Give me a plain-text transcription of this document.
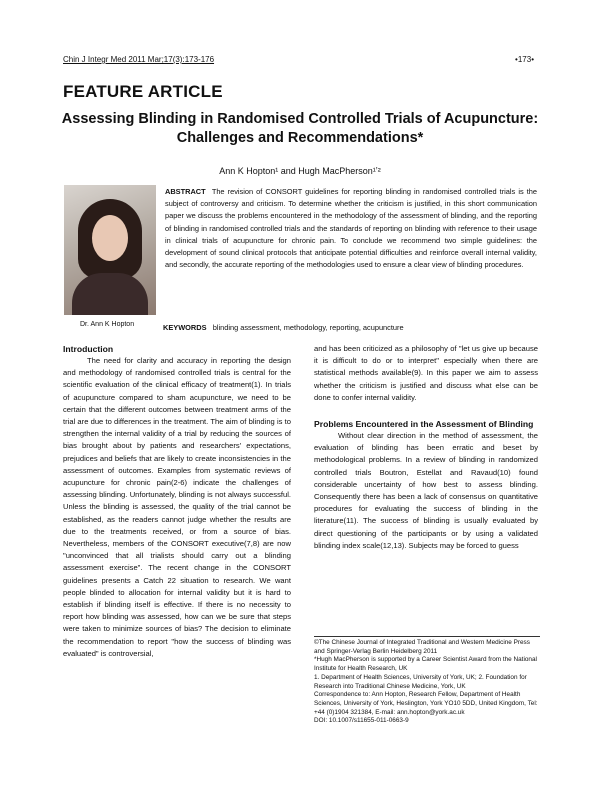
Chin J Integr Med 2011 Mar;17(3):173-176	•173•
FEATURE ARTICLE
Assessing Blinding in Randomised Controlled Trials of Acupuncture: Challenges and Recommendations*
Ann K Hopton¹ and Hugh MacPherson¹ʼ²
Dr. Ann K Hopton
ABSTRACT The revision of CONSORT guidelines for reporting blinding in randomised controlled trials is the subject of controversy and criticism. To determine whether the criticism is justified, in this short communication paper we discuss the problems encountered in the methodology of the assessment of blinding, and the reporting of blinding in randomised controlled trials and the standards of reporting on blinding with reference to their usage in clinical trials of acupuncture for chronic pain. To conclude we recommend two simple guidelines: the development of sound clinical protocols that anticipate potential difficulties and reinforce overall internal validity, and secondly, the accurate reporting of the methodologies used to ensure a clear view of blinding procedures.
KEYWORDS blinding assessment, methodology, reporting, acupuncture
Introduction

The need for clarity and accuracy in reporting the design and methodology of randomised controlled trials is central for the scientific evaluation of the clinical efficacy of treatment(1). In trials of acupuncture compared to sham acupuncture, we need to be certain that the different outcomes between treatment arms of the trial are due to differences in the treatment. The aim of blinding is to strengthen the internal validity of a trial by reducing the sources of bias brought about by patients and researchers' expectations, prejudices and beliefs that are likely to create inconsistencies in the assessment of outcomes. Examples from systematic reviews of acupuncture for chronic pain(2-6) indicate the challenges of assessing blinding. Unfortunately, blinding is not always successful. Unless the blinding is assessed, the quality of the trial cannot be established, as the readers cannot judge whether the results are due to the treatments received, or from a source of bias. Nevertheless, members of the CONSORT executive(7,8) are now "unconvinced that all trialists should carry out a blinding assessment exercise". The recent change in the CONSORT guidelines presents a Catch 22 situation to research. We want people blinded to allocation for internal validity but it is hard to establish if blinding itself is effective. If there is no necessity to report how blinding was assessed, how can we be sure that steps were taken to minimize sources of bias? The decision to eliminate the recommendation to report "how the success of blinding was evaluated" is controversial,

and has been criticized as a philosophy of "let us give up because it is difficult to do or to interpret" especially when there are statistical methods available(9). In this paper we aim to assess whether the criticism is justified and discuss what else can be done to confer internal validity.

Problems Encountered in the Assessment of Blinding

Without clear direction in the method of assessment, the evaluation of blinding has been erratic and beset by methodological problems. In a review of blinding in randomized controlled trials Boutron, Estellat and Ravaud(10) found considerable uncertainty of how best to assess blinding. Consequently there has been a lack of consensus on quantitative procedures for evaluating the success of blinding in the literature(11). The success of blinding is usually evaluated by direct questioning of the participants or by using a validated blinding index scale(12,13). Subjects may be forced to guess

©The Chinese Journal of Integrated Traditional and Western Medicine Press and Springer-Verlag Berlin Heidelberg 2011
*Hugh MacPherson is supported by a Career Scientist Award from the National Institute for Health Research, UK
1. Department of Health Sciences, University of York, UK; 2. Foundation for Research into Traditional Chinese Medicine, York, UK
Correspondence to: Ann Hopton, Research Fellow, Department of Health Sciences, University of York, Heslington, York YO10 5DD, United Kingdom, Tel: +44 (0)1904 321384, E-mail: ann.hopton@york.ac.uk
DOI: 10.1007/s11655-011-0663-9
